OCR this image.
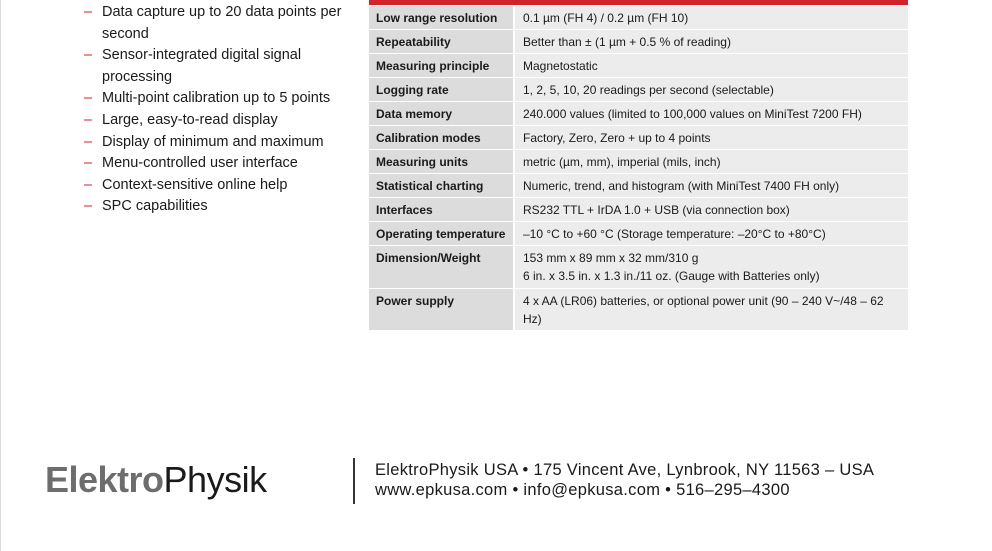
– Data capture up to 20 data points per second
– Sensor-integrated digital signal processing
– Multi-point calibration up to 5 points
– Large, easy-to-read display
– Display of minimum and maximum
– Menu-controlled user interface
– Context-sensitive online help
– SPC capabilities
Low range resolution	0.1 µm (FH 4) / 0.2 µm (FH 10)
Repeatability	Better than ± (1 µm + 0.5 % of reading)
Measuring principle	Magnetostatic
Logging rate	1, 2, 5, 10, 20 readings per second (selectable)
Data memory	240.000 values (limited to 100,000 values on MiniTest 7200 FH)
Calibration modes	Factory, Zero, Zero + up to 4 points
Measuring units	metric (µm, mm), imperial (mils, inch)
Statistical charting	Numeric, trend, and histogram (with MiniTest 7400 FH only)
Interfaces	RS232 TTL + IrDA 1.0 + USB (via connection box)
Operating temperature	–10 °C to +60 °C (Storage temperature: –20°C to +80°C)
Dimension/Weight	153 mm x 89 mm x 32 mm/310 g
6 in. x 3.5 in. x 1.3 in./11 oz. (Gauge with Batteries only)

Power supply	4 x AA (LR06) batteries, or optional power unit (90 – 240 V~/48 – 62 Hz)
ElektroPhysik	ElektroPhysik USA • 175 Vincent Ave, Lynbrook, NY 11563 – USA
www.epkusa.com • info@epkusa.com • 516–295–4300
